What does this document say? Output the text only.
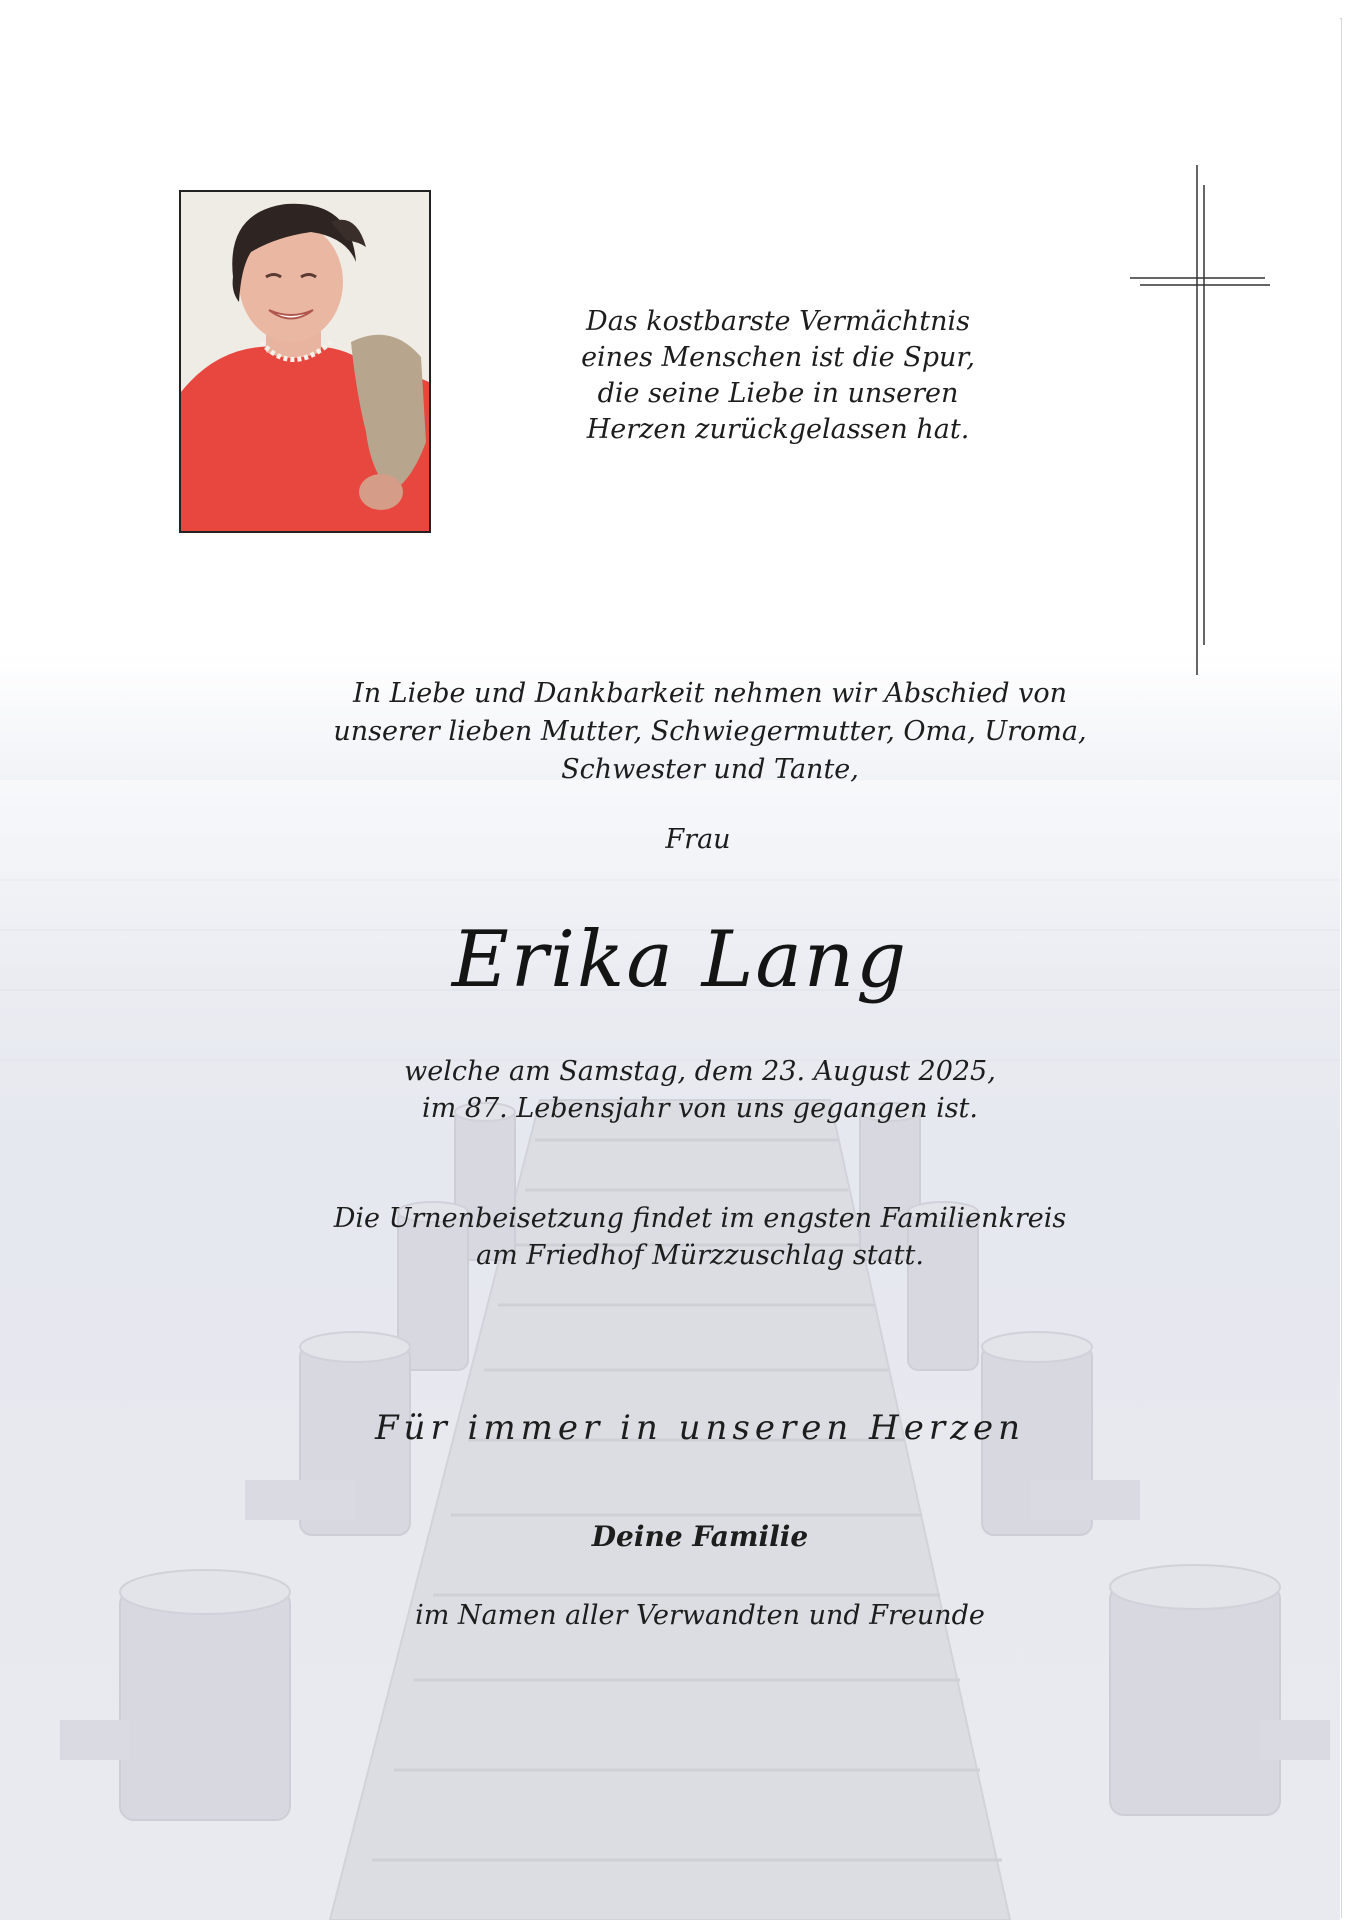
Das kostbarste Vermächtnis
eines Menschen ist die Spur,
die seine Liebe in unseren
Herzen zurückgelassen hat.
In Liebe und Dankbarkeit nehmen wir Abschied von
unserer lieben Mutter, Schwiegermutter, Oma, Uroma,
Schwester und Tante,
Frau
Erika Lang
welche am Samstag, dem 23. August 2025,
im 87. Lebensjahr von uns gegangen ist.
Die Urnenbeisetzung findet im engsten Familienkreis
am Friedhof Mürzzuschlag statt.
Für immer in unseren Herzen
Deine Familie
im Namen aller Verwandten und Freunde
